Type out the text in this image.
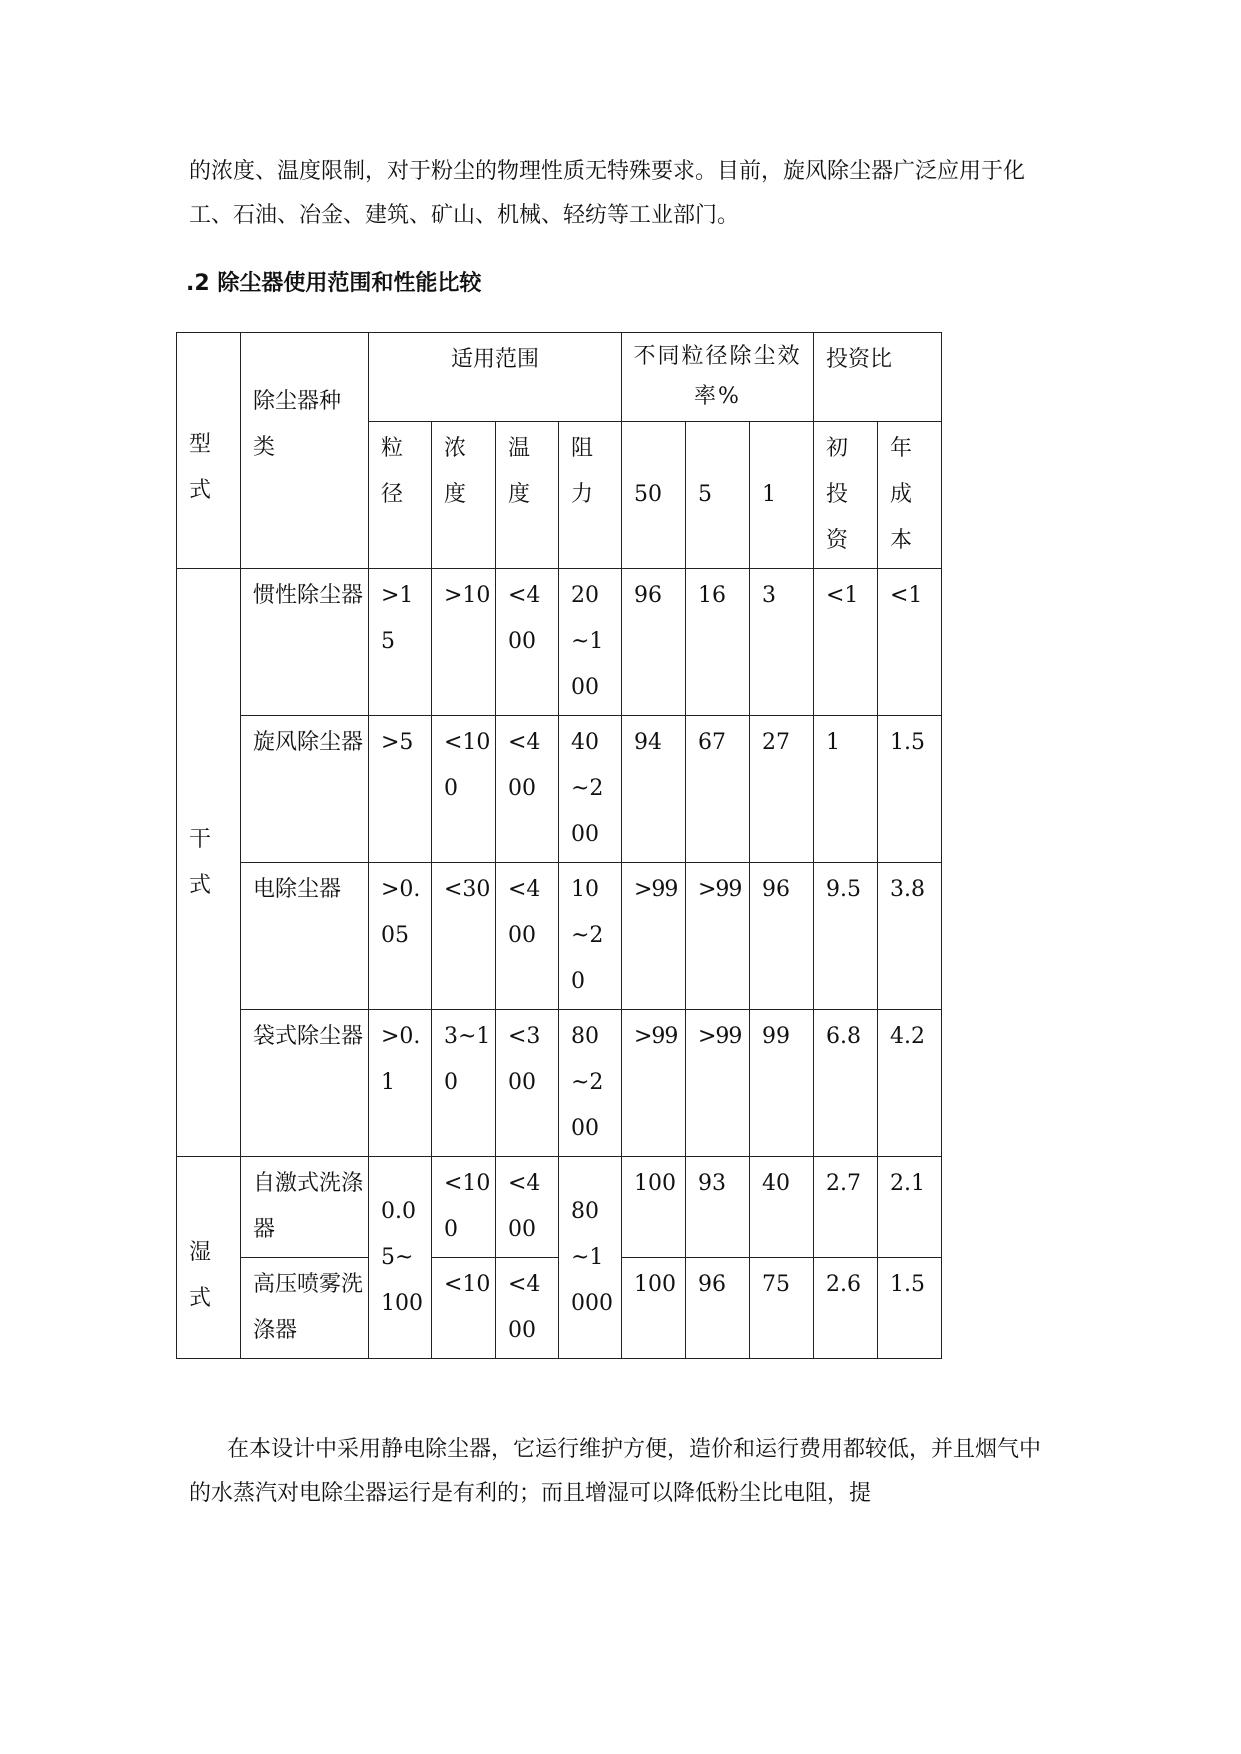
的浓度、温度限制，对于粉尘的物理性质无特殊要求。目前，旋风除尘器广泛应用于化工、石油、冶金、建筑、矿山、机械、轻纺等工业部门。
.2 除尘器使用范围和性能比较
型式	除尘器种类	适用范围				不同粒径除尘效率%			投资比	

		粒径	浓度	温度	阻力	50	5	1	初投资	年成本

干式	惯性除尘器	>15	>10	<400	20~100	96	16	3	<1	<1
	旋风除尘器	>5	<100	<400	40~200	94	67	27	1	1.5
	电除尘器	>0.05	<30	<400	10~20	>99	>99	96	9.5	3.8
	袋式除尘器	>0.1	3~10	<300	80~200	>99	>99	99	6.8	4.2

湿式	自激式洗涤器	0.05~100	<100	<400	80~1000	100	93	40	2.7	2.1
	高压喷雾洗涤器		<10	<400		100	96	75	2.6	1.5
在本设计中采用静电除尘器，它运行维护方便，造价和运行费用都较低，并且烟气中的水蒸汽对电除尘器运行是有利的；而且增湿可以降低粉尘比电阻，提
